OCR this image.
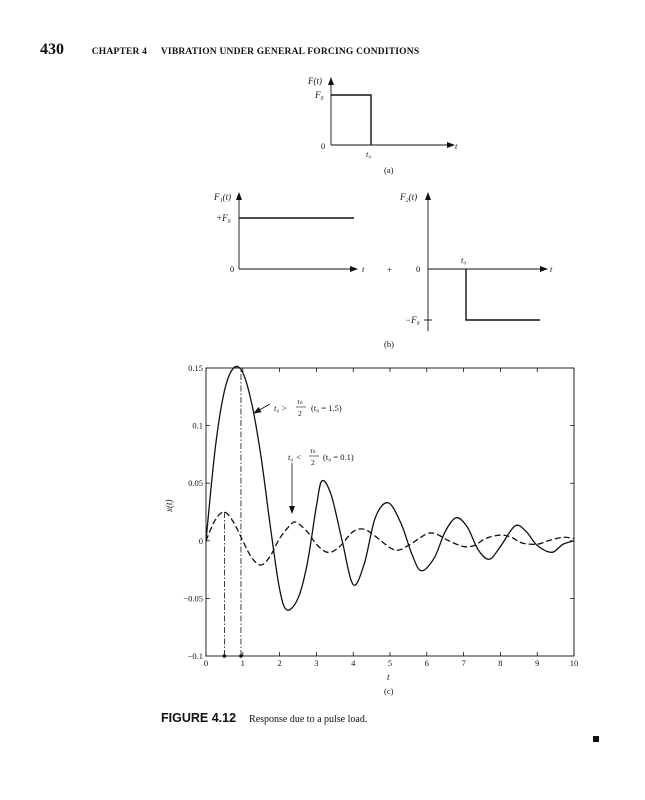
430	CHAPTER 4 VIBRATION UNDER GENERAL FORCING CONDITIONS
F(t)
F₀
0
t₀
t
(a)
F₁(t)
+F₀
0	t	+
F₂(t)
−F₀
0
t₀
t
(b)
0	1	2	3	4	5	6	7	8	9	10
0.15
0.1
0.05
0
−0.05
−0.1
t₀ >
τₙ
2
(t₀ = 1.5)
t₀ <
τₙ
2
(t₀ = 0.1)
t
x(t)
(c)
FIGURE 4.12 Response due to a pulse load.
